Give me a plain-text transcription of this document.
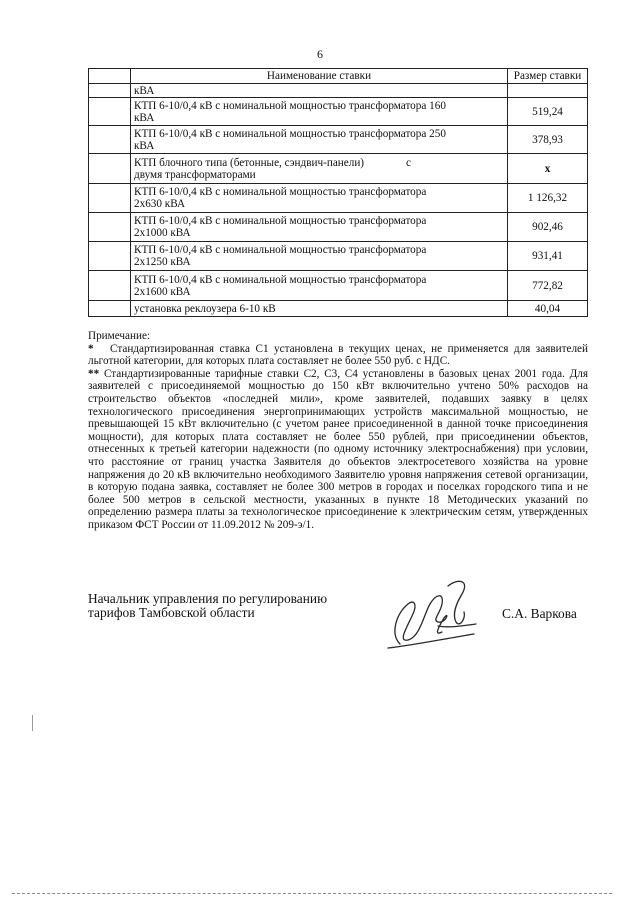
6
	Наименование ставки	Размер ставки
	кВА	
	КТП 6-10/0,4 кВ с номинальной мощностью трансформатора 160
кВА	519,24
	КТП 6-10/0,4 кВ с номинальной мощностью трансформатора 250
кВА	378,93
	КТП блочного типа (бетонные, сэндвич-панели)               с
двумя трансформаторами	х
	КТП 6-10/0,4 кВ с номинальной мощностью трансформатора
2х630 кВА	1 126,32
	КТП 6-10/0,4 кВ с номинальной мощностью трансформатора
2х1000 кВА	902,46
	КТП 6-10/0,4 кВ с номинальной мощностью трансформатора
2х1250 кВА	931,41
	КТП 6-10/0,4 кВ с номинальной мощностью трансформатора
2х1600 кВА	772,82
	установка реклоузера 6-10 кВ	40,04

Примечание:

* Стандартизированная ставка С1 установлена в текущих ценах, не применяется для заявителей льготной категории, для которых плата составляет не более 550 руб. с НДС.

** Стандартизированные тарифные ставки С2, С3, С4 установлены в базовых ценах 2001 года. Для заявителей с присоединяемой мощностью до 150 кВт включительно учтено 50% расходов на строительство объектов «последней мили», кроме заявителей, подавших заявку в целях технологического присоединения энергопринимающих устройств максимальной мощностью, не превышающей 15 кВт включительно (с учетом ранее присоединенной в данной точке присоединения мощности), для которых плата составляет не более 550 рублей, при присоединении объектов, отнесенных к третьей категории надежности (по одному источнику электроснабжения) при условии, что расстояние от границ участка Заявителя до объектов электросетевого хозяйства на уровне напряжения до 20 кВ включительно необходимого Заявителю уровня напряжения сетевой организации, в которую подана заявка, составляет не более 300 метров в городах и поселках городского типа и не более 500 метров в сельской местности, указанных в пункте 18 Методических указаний по определению размера платы за технологическое присоединение к электрическим сетям, утвержденных приказом ФСТ России от 11.09.2012 № 209-э/1.

Начальник управления по регулированию
тарифов Тамбовской области	С.А. Варкова
